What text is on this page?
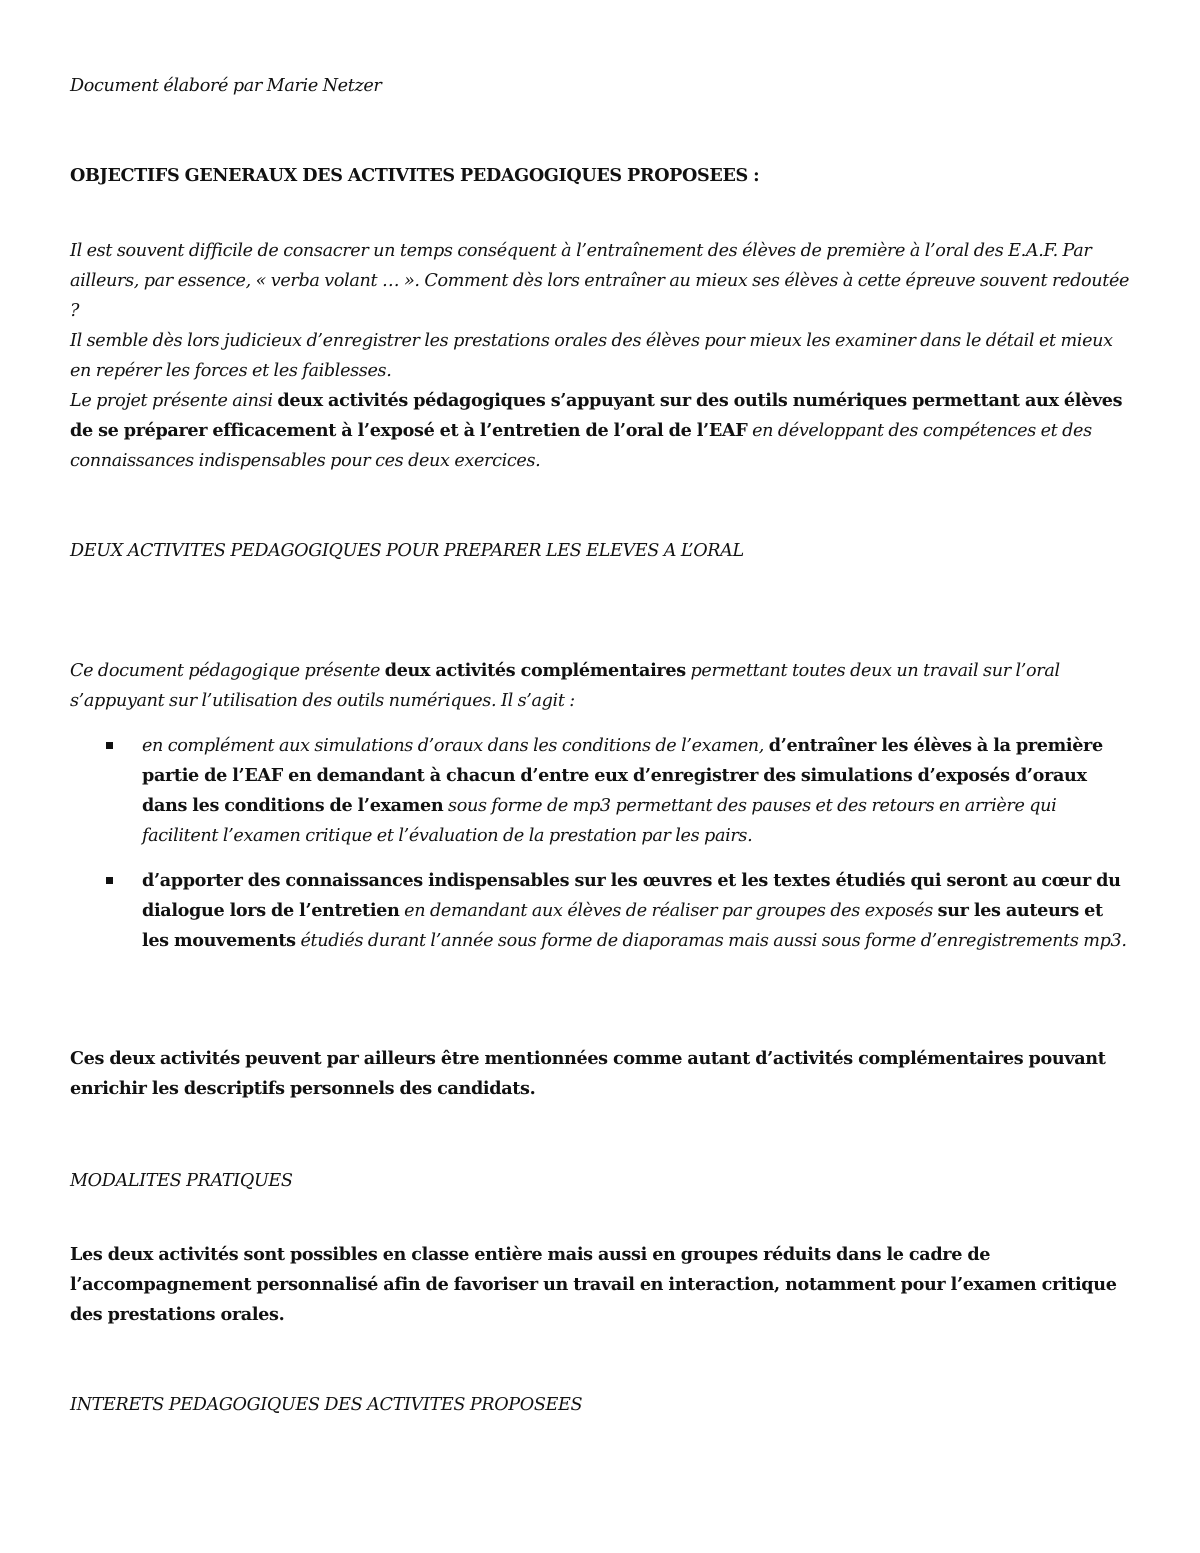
Document élaboré par Marie Netzer

OBJECTIFS GENERAUX DES ACTIVITES PEDAGOGIQUES PROPOSEES :

Il est souvent difficile de consacrer un temps conséquent à l’entraînement des élèves de première à l’oral des E.A.F. Par ailleurs, par essence, « verba volant … ». Comment dès lors entraîner au mieux ses élèves à cette épreuve souvent redoutée ?
Il semble dès lors judicieux d’enregistrer les prestations orales des élèves pour mieux les examiner dans le détail et mieux en repérer les forces et les faiblesses.
Le projet présente ainsi deux activités pédagogiques s’appuyant sur des outils numériques permettant aux élèves de se préparer efficacement à l’exposé et à l’entretien de l’oral de l’EAF en développant des compétences et des connaissances indispensables pour ces deux exercices.

DEUX ACTIVITES PEDAGOGIQUES POUR PREPARER LES ELEVES A L’ORAL

Ce document pédagogique présente deux activités complémentaires permettant toutes deux un travail sur l’oral s’appuyant sur l’utilisation des outils numériques. Il s’agit :

en complément aux simulations d’oraux dans les conditions de l’examen, d’entraîner les élèves à la première partie de l’EAF en demandant à chacun d’entre eux d’enregistrer des simulations d’exposés d’oraux dans les conditions de l’examen sous forme de mp3 permettant des pauses et des retours en arrière qui facilitent l’examen critique et l’évaluation de la prestation par les pairs.
d’apporter des connaissances indispensables sur les œuvres et les textes étudiés qui seront au cœur du dialogue lors de l’entretien en demandant aux élèves de réaliser par groupes des exposés sur les auteurs et les mouvements étudiés durant l’année sous forme de diaporamas mais aussi sous forme d’enregistrements mp3.

Ces deux activités peuvent par ailleurs être mentionnées comme autant d’activités complémentaires pouvant enrichir les descriptifs personnels des candidats.

MODALITES PRATIQUES

Les deux activités sont possibles en classe entière mais aussi en groupes réduits dans le cadre de l’accompagnement personnalisé afin de favoriser un travail en interaction, notamment pour l’examen critique des prestations orales.

INTERETS PEDAGOGIQUES DES ACTIVITES PROPOSEES
